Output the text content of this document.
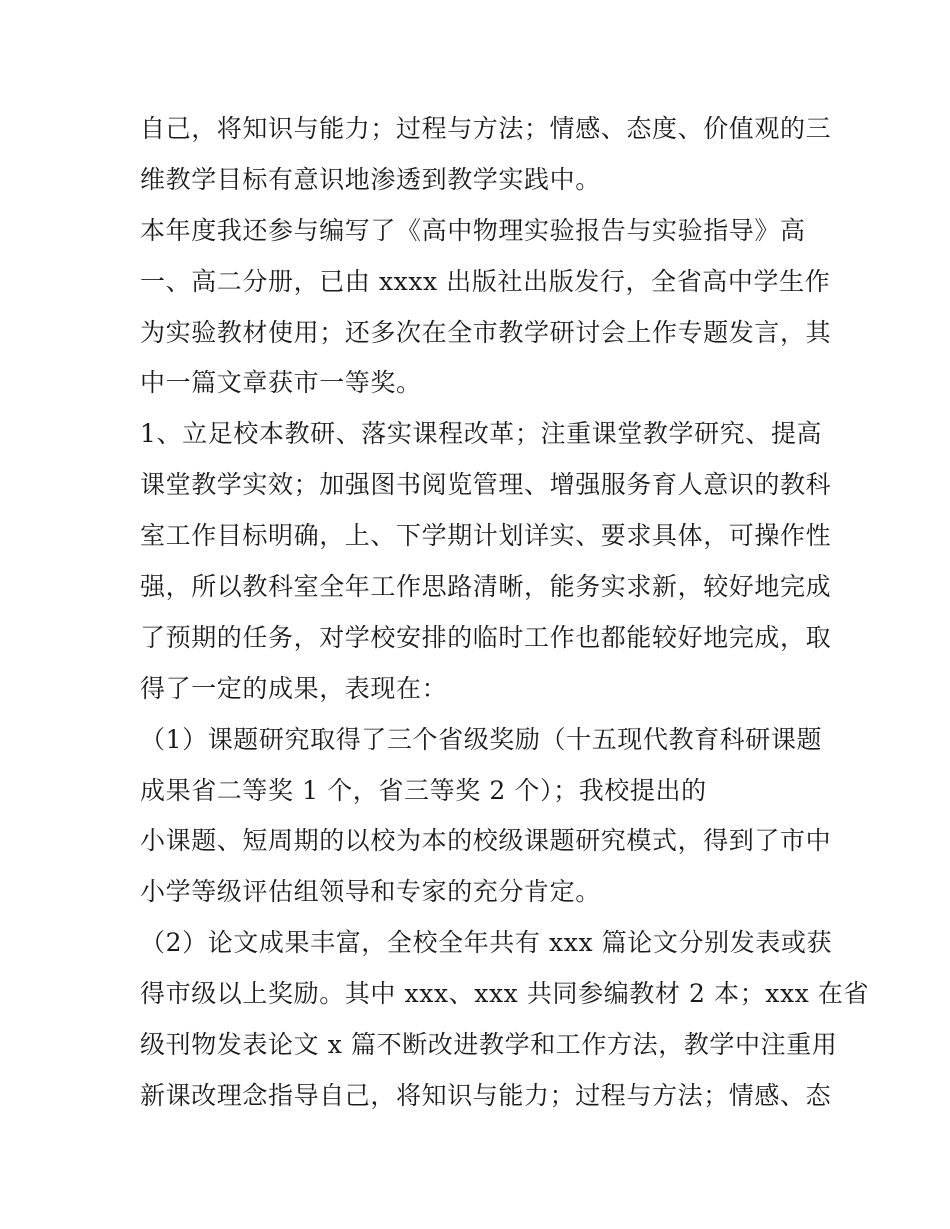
自己，将知识与能力；过程与方法；情感、态度、价值观的三
维教学目标有意识地渗透到教学实践中。
本年度我还参与编写了《高中物理实验报告与实验指导》高
一、高二分册，已由 xxxx 出版社出版发行，全省高中学生作
为实验教材使用；还多次在全市教学研讨会上作专题发言，其
中一篇文章获市一等奖。
1、立足校本教研、落实课程改革；注重课堂教学研究、提高
课堂教学实效；加强图书阅览管理、增强服务育人意识的教科
室工作目标明确，上、下学期计划详实、要求具体，可操作性
强，所以教科室全年工作思路清晰，能务实求新，较好地完成
了预期的任务，对学校安排的临时工作也都能较好地完成，取
得了一定的成果，表现在：
（1）课题研究取得了三个省级奖励（十五现代教育科研课题
成果省二等奖 1 个，省三等奖 2 个）；我校提出的
小课题、短周期的以校为本的校级课题研究模式，得到了市中
小学等级评估组领导和专家的充分肯定。
（2）论文成果丰富，全校全年共有 xxx 篇论文分别发表或获
得市级以上奖励。其中 xxx、xxx 共同参编教材 2 本；xxx 在省
级刊物发表论文 x 篇不断改进教学和工作方法，教学中注重用
新课改理念指导自己，将知识与能力；过程与方法；情感、态
